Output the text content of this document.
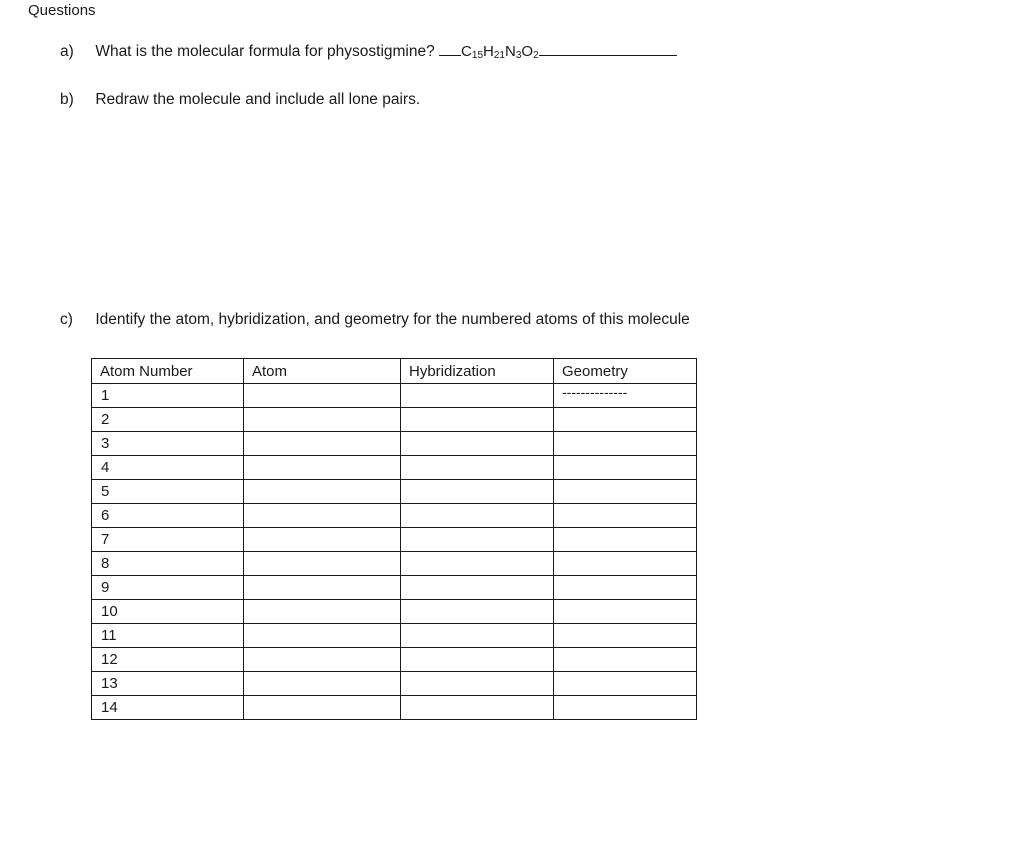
Questions
a) What is the molecular formula for physostigmine? $C_{15}H_{21}N_3O_2$
b) Redraw the molecule and include all lone pairs.
c) Identify the atom, hybridization, and geometry for the numbered atoms of this molecule
Atom Number	Atom	Hybridization	Geometry
1			--------------
2			
3			
4			
5			
6			
7			
8			
9			
10			
11			
12			
13			
14			
